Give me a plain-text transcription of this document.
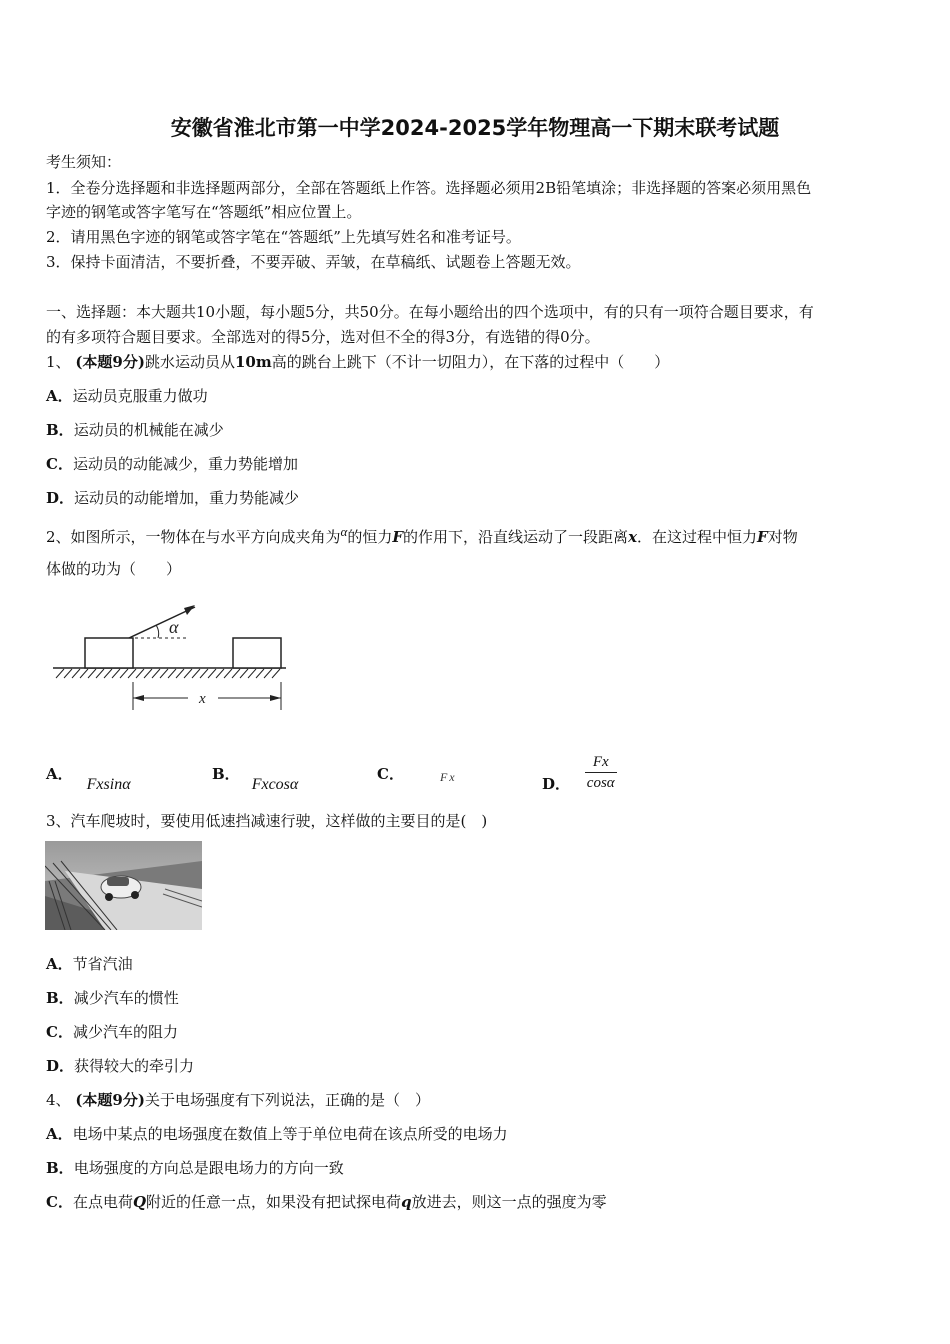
安徽省淮北市第一中学2024-2025学年物理高一下期末联考试题
考生须知：
1．全卷分选择题和非选择题两部分，全部在答题纸上作答。选择题必须用2B铅笔填涂；非选择题的答案必须用黑色
字迹的钢笔或答字笔写在“答题纸”相应位置上。
2．请用黑色字迹的钢笔或答字笔在“答题纸”上先填写姓名和准考证号。
3．保持卡面清洁，不要折叠，不要弄破、弄皱，在草稿纸、试题卷上答题无效。
一、选择题：本大题共10小题，每小题5分，共50分。在每小题给出的四个选项中，有的只有一项符合题目要求，有
的有多项符合题目要求。全部选对的得5分，选对但不全的得3分，有选错的得0分。
1、 (本题9分)跳水运动员从10m高的跳台上跳下（不计一切阻力），在下落的过程中（　　）
A．运动员克服重力做功
B．运动员的机械能在减少
C．运动员的动能减少，重力势能增加
D．运动员的动能增加，重力势能减少
2、如图所示，一物体在与水平方向成夹角为$^\alpha$的恒力F的作用下，沿直线运动了一段距离x．在这过程中恒力F对物
体做的功为（　　）
α
x
A．Fxsinα
B．Fxcosα
C．	Fx	D． $\frac{Fx}{\cos\alpha}$
3、汽车爬坡时，要使用低速挡减速行驶，这样做的主要目的是(　)
A．节省汽油
B．减少汽车的惯性
C．减少汽车的阻力
D．获得较大的牵引力
4、 (本题9分)关于电场强度有下列说法，正确的是（　）
A．电场中某点的电场强度在数值上等于单位电荷在该点所受的电场力
B．电场强度的方向总是跟电场力的方向一致
C．在点电荷Q附近的任意一点，如果没有把试探电荷q放进去，则这一点的强度为零
